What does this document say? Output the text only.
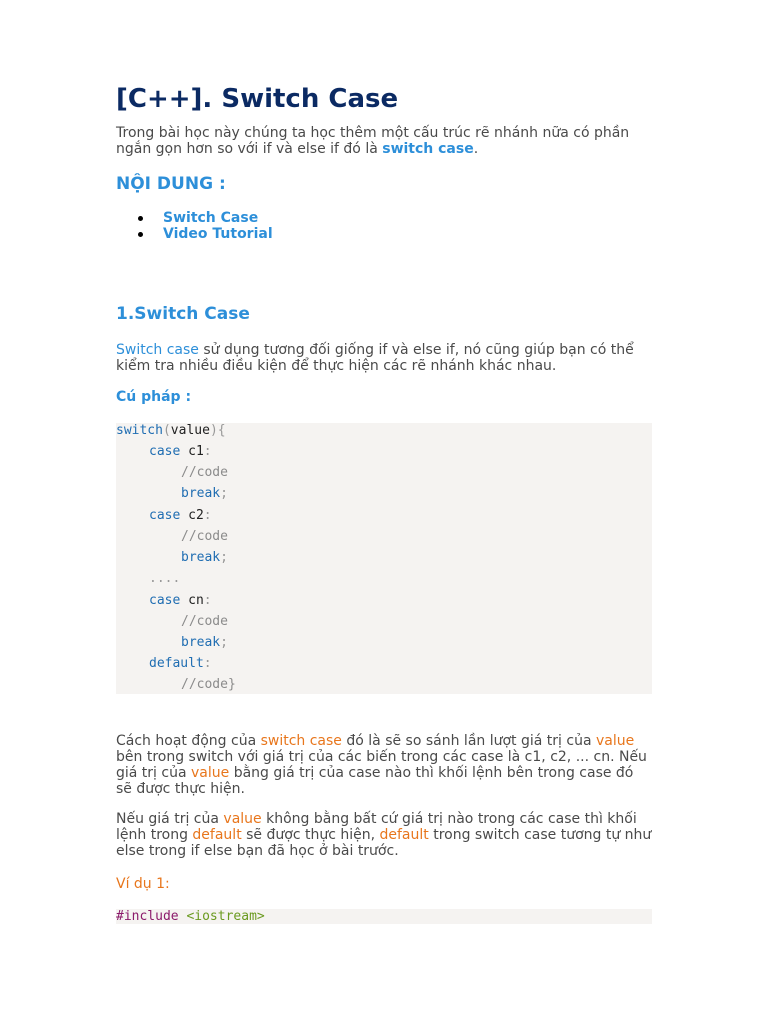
[C++]. Switch Case

Trong bài học này chúng ta học thêm một cấu trúc rẽ nhánh nữa có phần ngắn gọn hơn so với if và else if đó là switch case.

NỘI DUNG :
Switch Case
Video Tutorial
1.Switch Case

Switch case sử dụng tương đối giống if và else if, nó cũng giúp bạn có thể kiểm tra nhiều điều kiện để thực hiện các rẽ nhánh khác nhau.

Cú pháp :

switch(value){
case c1:
//code
break;
case c2:
//code
break;
....
case cn:
//code
break;
default:
//code}

Cách hoạt động của switch case đó là sẽ so sánh lần lượt giá trị của value bên trong switch với giá trị của các biến trong các case là c1, c2, ... cn. Nếu giá trị của value bằng giá trị của case nào thì khối lệnh bên trong case đó sẽ được thực hiện.

Nếu giá trị của value không bằng bất cứ giá trị nào trong các case thì khối lệnh trong default sẽ được thực hiện, default trong switch case tương tự như else trong if else bạn đã học ở bài trước.

Ví dụ 1:

#include <iostream>
